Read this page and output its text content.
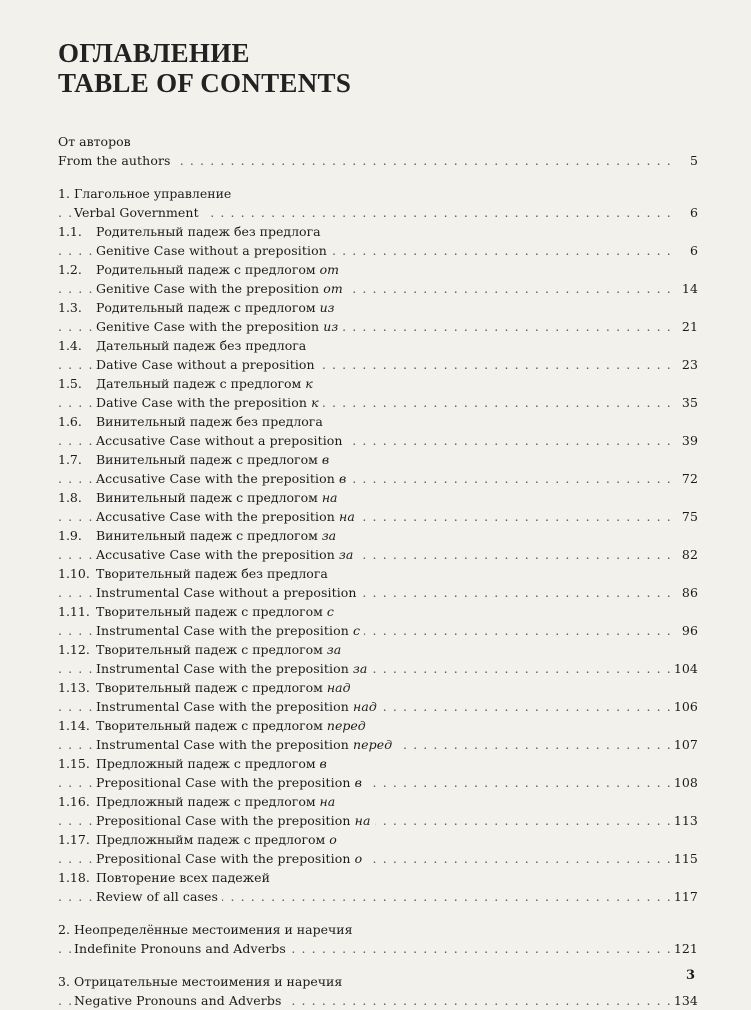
ОГЛАВЛЕНИЕ
TABLE OF CONTENTS
От авторов
. . .
From the authors	5
1. Глагольное управление
. . .
Verbal Government	6
1.1. Родительный падеж без предлога
. . .
Genitive Case without a preposition	6
1.2. Родительный падеж с предлогом от
. . .
Genitive Case with the preposition от	14
1.3. Родительный падеж с предлогом из
. . .
Genitive Case with the preposition из	21
1.4. Дательный падеж без предлога
. . .
Dative Case without a preposition	23
1.5. Дательный падеж с предлогом к
. . .
Dative Case with the preposition к	35
1.6. Винительный падеж без предлога
. . .
Accusative Case without a preposition	39
1.7. Винительный падеж с предлогом в
. . .
Accusative Case with the preposition в	72
1.8. Винительный падеж с предлогом на
. . .
Accusative Case with the preposition на	75
1.9. Винительный падеж с предлогом за
. . .
Accusative Case with the preposition за	82
1.10. Творительный падеж без предлога
. . .
Instrumental Case without a preposition	86
1.11. Творительный падеж с предлогом с
. . .
Instrumental Case with the preposition с	96
1.12. Творительный падеж с предлогом за
. . .
Instrumental Case with the preposition за	104
1.13. Творительный падеж с предлогом над
. . .
Instrumental Case with the preposition над	106
1.14. Творительный падеж с предлогом перед
. . .
Instrumental Case with the preposition перед	107
1.15. Предложный падеж с предлогом в
. . .
Prepositional Case with the preposition в	108
1.16. Предложный падеж с предлогом на
. . .
Prepositional Case with the preposition на	113
1.17. Предложныйм падеж с предлогом о
. . .
Prepositional Case with the preposition о	115
1.18. Повторение всех падежей
. . .
Review of all cases	117
2. Неопределённые местоимения и наречия
. . .
Indefinite Pronouns and Adverbs	121
3. Отрицательные местоимения и наречия
. . .
Negative Pronouns and Adverbs	134
3
